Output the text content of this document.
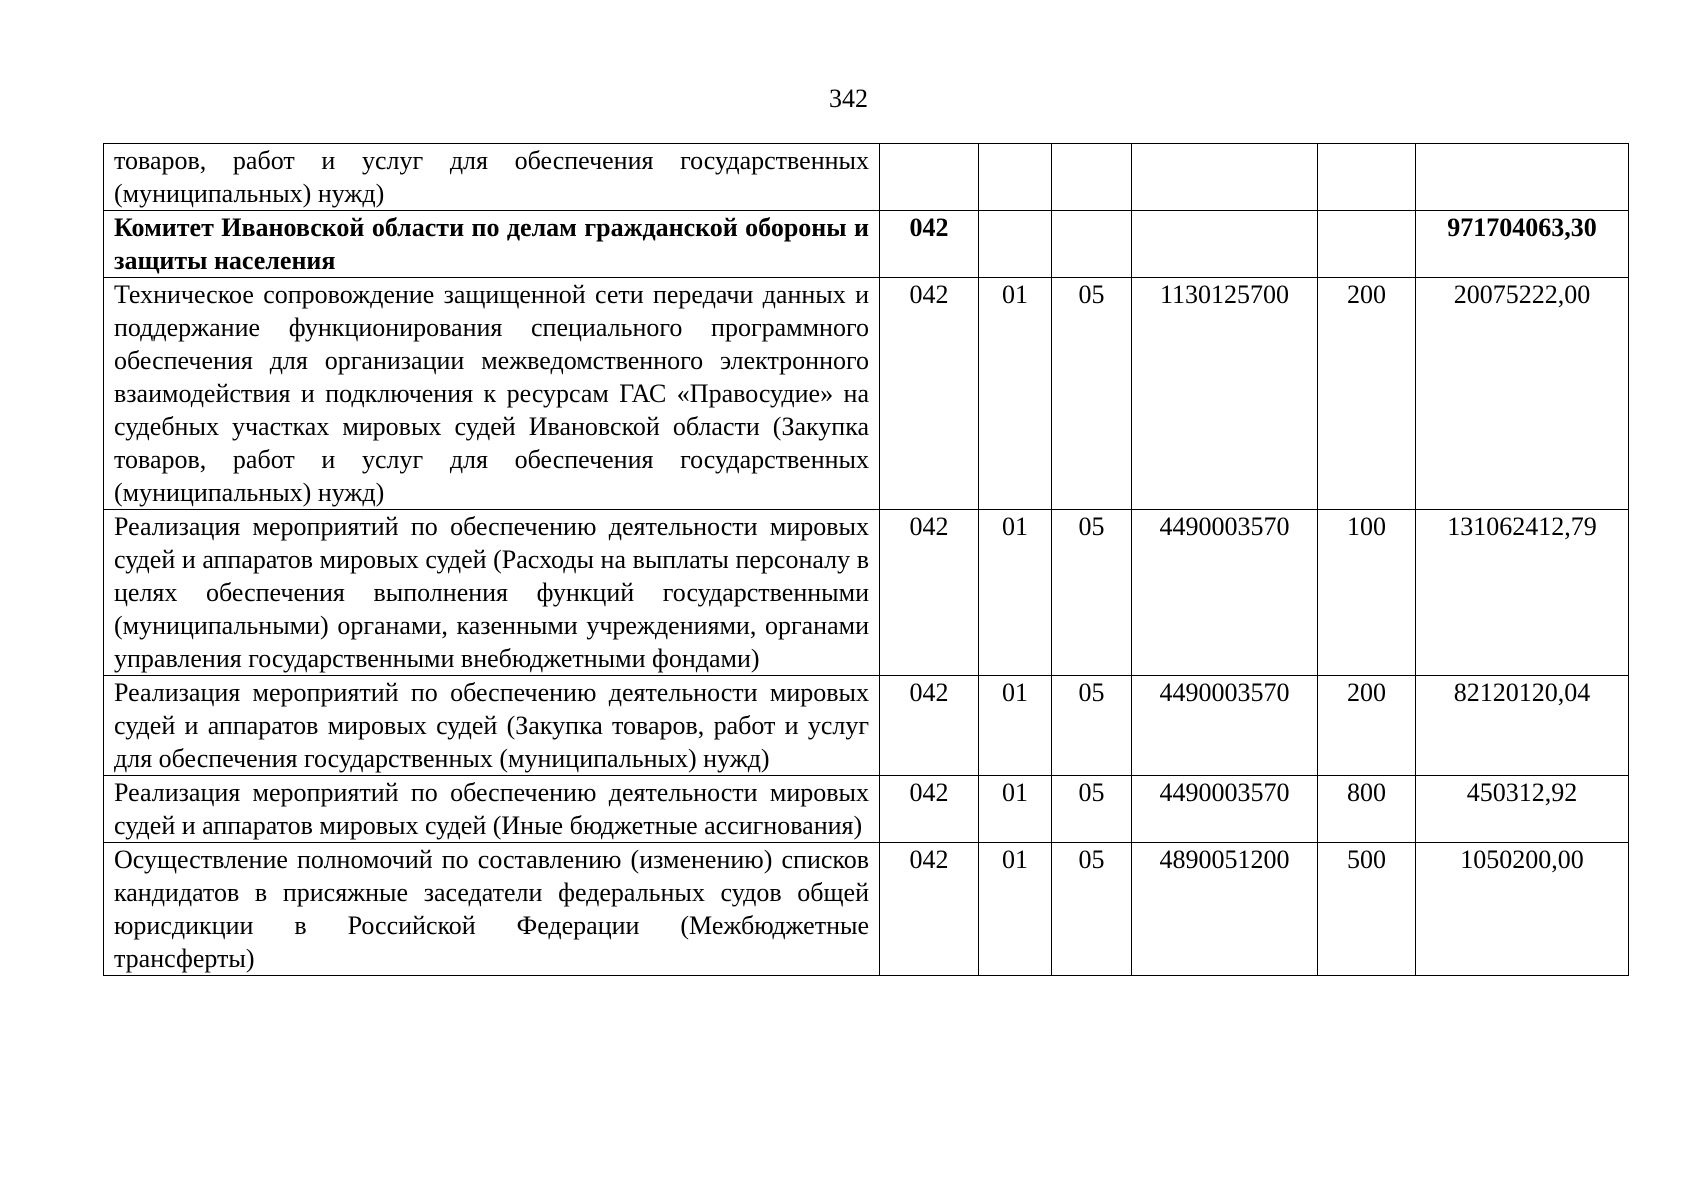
342
товаров, работ и услуг для обеспечения государственных (муниципальных) нужд)						
Комитет Ивановской области по делам гражданской обороны и защиты населения	042					971704063,30
Техническое сопровождение защищенной сети передачи данных и поддержание функционирования специального программного обеспечения для организации межведомственного электронного взаимодействия и подключения к ресурсам ГАС «Правосудие» на судебных участках мировых судей Ивановской области (Закупка товаров, работ и услуг для обеспечения государственных (муниципальных) нужд)	042	01	05	1130125700	200	20075222,00
Реализация мероприятий по обеспечению деятельности мировых судей и аппаратов мировых судей (Расходы на выплаты персоналу в целях обеспечения выполнения функций государственными (муниципальными) органами, казенными учреждениями, органами управления государственными внебюджетными фондами)	042	01	05	4490003570	100	131062412,79
Реализация мероприятий по обеспечению деятельности мировых судей и аппаратов мировых судей (Закупка товаров, работ и услуг для обеспечения государственных (муниципальных) нужд)	042	01	05	4490003570	200	82120120,04
Реализация мероприятий по обеспечению деятельности мировых судей и аппаратов мировых судей (Иные бюджетные ассигнования)	042	01	05	4490003570	800	450312,92
Осуществление полномочий по составлению (изменению) списков кандидатов в присяжные заседатели федеральных судов общей юрисдикции в Российской Федерации (Межбюджетные трансферты)	042	01	05	4890051200	500	1050200,00
